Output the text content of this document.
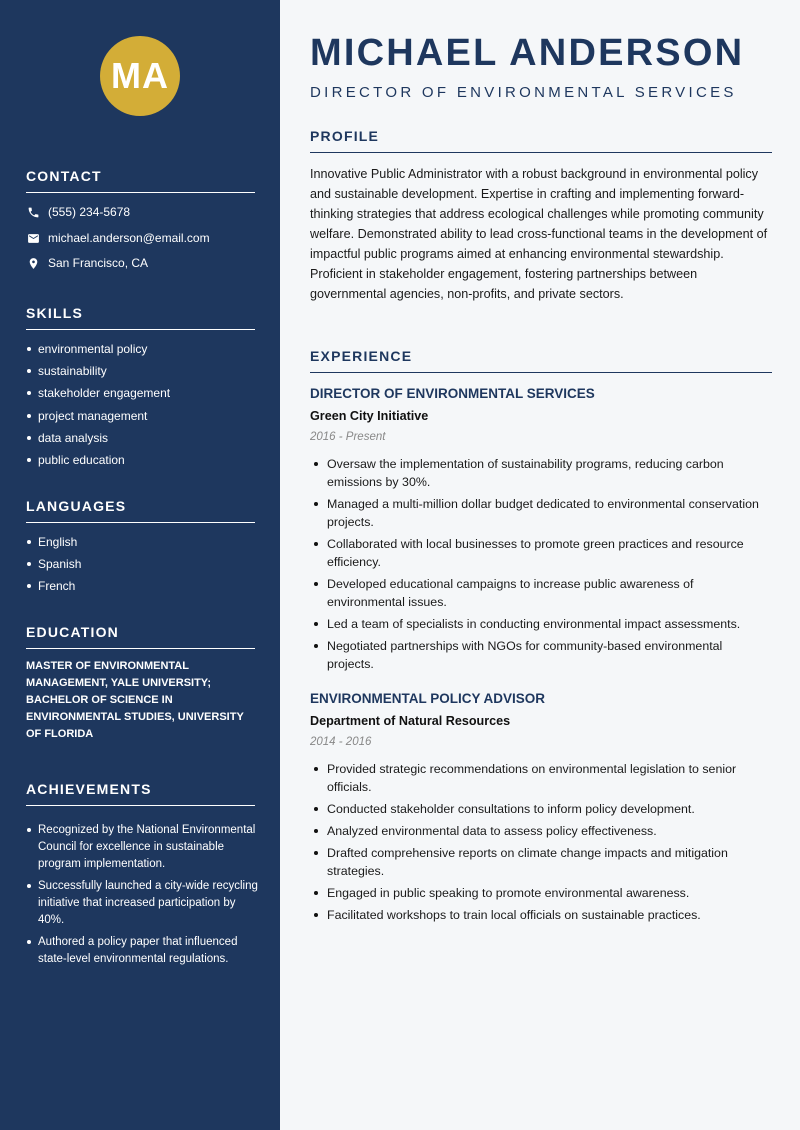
MA
CONTACT
(555) 234-5678
michael.anderson@email.com
San Francisco, CA
SKILLS
environmental policy
sustainability
stakeholder engagement
project management
data analysis
public education
LANGUAGES
English
Spanish
French
EDUCATION
MASTER OF ENVIRONMENTAL MANAGEMENT, YALE UNIVERSITY; BACHELOR OF SCIENCE IN ENVIRONMENTAL STUDIES, UNIVERSITY OF FLORIDA
ACHIEVEMENTS
Recognized by the National Environmental Council for excellence in sustainable program implementation.
Successfully launched a city-wide recycling initiative that increased participation by 40%.
Authored a policy paper that influenced state-level environmental regulations.
MICHAEL ANDERSON
DIRECTOR OF ENVIRONMENTAL SERVICES
PROFILE
Innovative Public Administrator with a robust background in environmental policy and sustainable development. Expertise in crafting and implementing forward-thinking strategies that address ecological challenges while promoting community welfare. Demonstrated ability to lead cross-functional teams in the development of impactful public programs aimed at enhancing environmental stewardship. Proficient in stakeholder engagement, fostering partnerships between governmental agencies, non-profits, and private sectors.
EXPERIENCE
DIRECTOR OF ENVIRONMENTAL SERVICES
Green City Initiative
2016 - Present
Oversaw the implementation of sustainability programs, reducing carbon emissions by 30%.
Managed a multi-million dollar budget dedicated to environmental conservation projects.
Collaborated with local businesses to promote green practices and resource efficiency.
Developed educational campaigns to increase public awareness of environmental issues.
Led a team of specialists in conducting environmental impact assessments.
Negotiated partnerships with NGOs for community-based environmental projects.
ENVIRONMENTAL POLICY ADVISOR
Department of Natural Resources
2014 - 2016
Provided strategic recommendations on environmental legislation to senior officials.
Conducted stakeholder consultations to inform policy development.
Analyzed environmental data to assess policy effectiveness.
Drafted comprehensive reports on climate change impacts and mitigation strategies.
Engaged in public speaking to promote environmental awareness.
Facilitated workshops to train local officials on sustainable practices.
